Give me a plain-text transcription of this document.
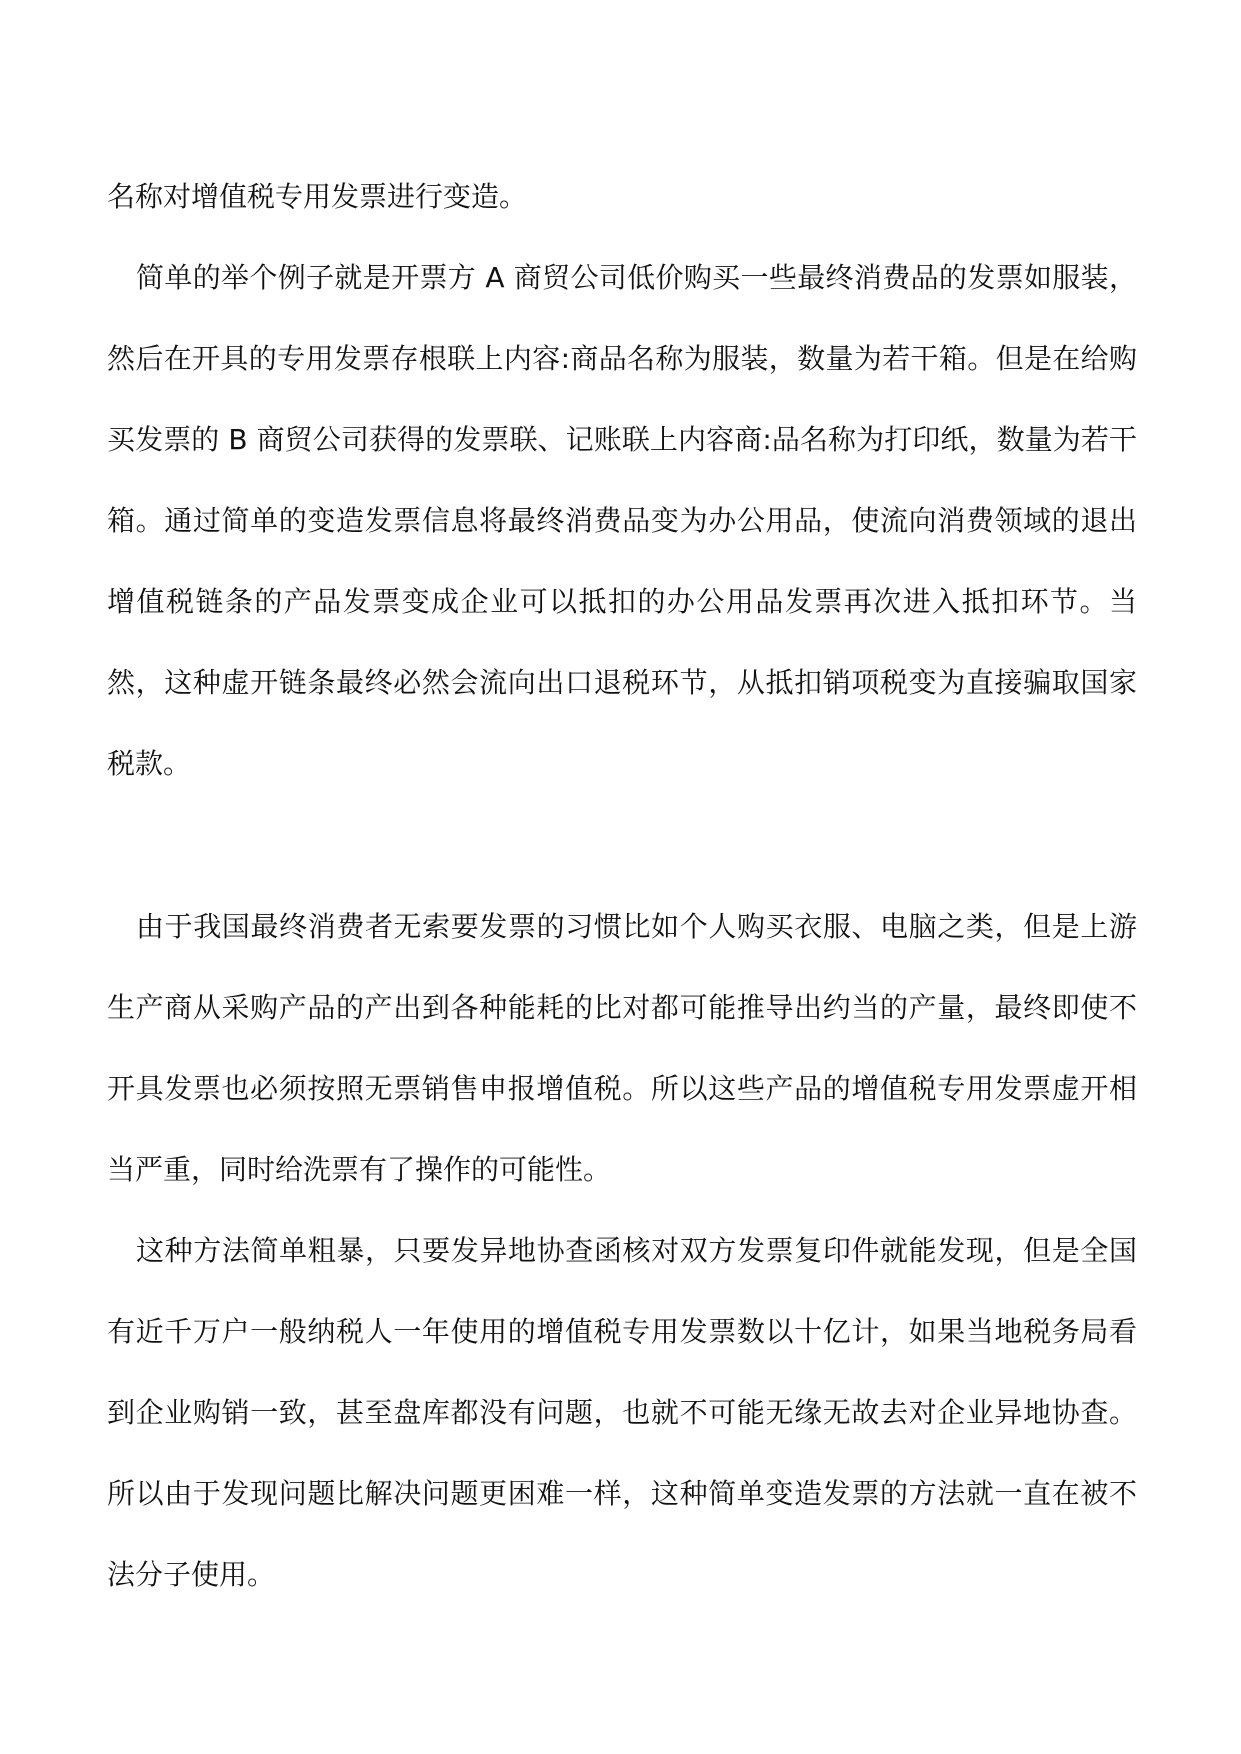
名称对增值税专用发票进行变造。

简单的举个例子就是开票方 A 商贸公司低价购买一些最终消费品的发票如服装，然后在开具的专用发票存根联上内容:商品名称为服装，数量为若干箱。但是在给购买发票的 B 商贸公司获得的发票联、记账联上内容商:品名称为打印纸，数量为若干箱。通过简单的变造发票信息将最终消费品变为办公用品，使流向消费领域的退出增值税链条的产品发票变成企业可以抵扣的办公用品发票再次进入抵扣环节。当然，这种虚开链条最终必然会流向出口退税环节，从抵扣销项税变为直接骗取国家税款。

由于我国最终消费者无索要发票的习惯比如个人购买衣服、电脑之类，但是上游生产商从采购产品的产出到各种能耗的比对都可能推导出约当的产量，最终即使不开具发票也必须按照无票销售申报增值税。所以这些产品的增值税专用发票虚开相当严重，同时给洗票有了操作的可能性。

这种方法简单粗暴，只要发异地协查函核对双方发票复印件就能发现，但是全国有近千万户一般纳税人一年使用的增值税专用发票数以十亿计，如果当地税务局看到企业购销一致，甚至盘库都没有问题，也就不可能无缘无故去对企业异地协查。所以由于发现问题比解决问题更困难一样，这种简单变造发票的方法就一直在被不法分子使用。
